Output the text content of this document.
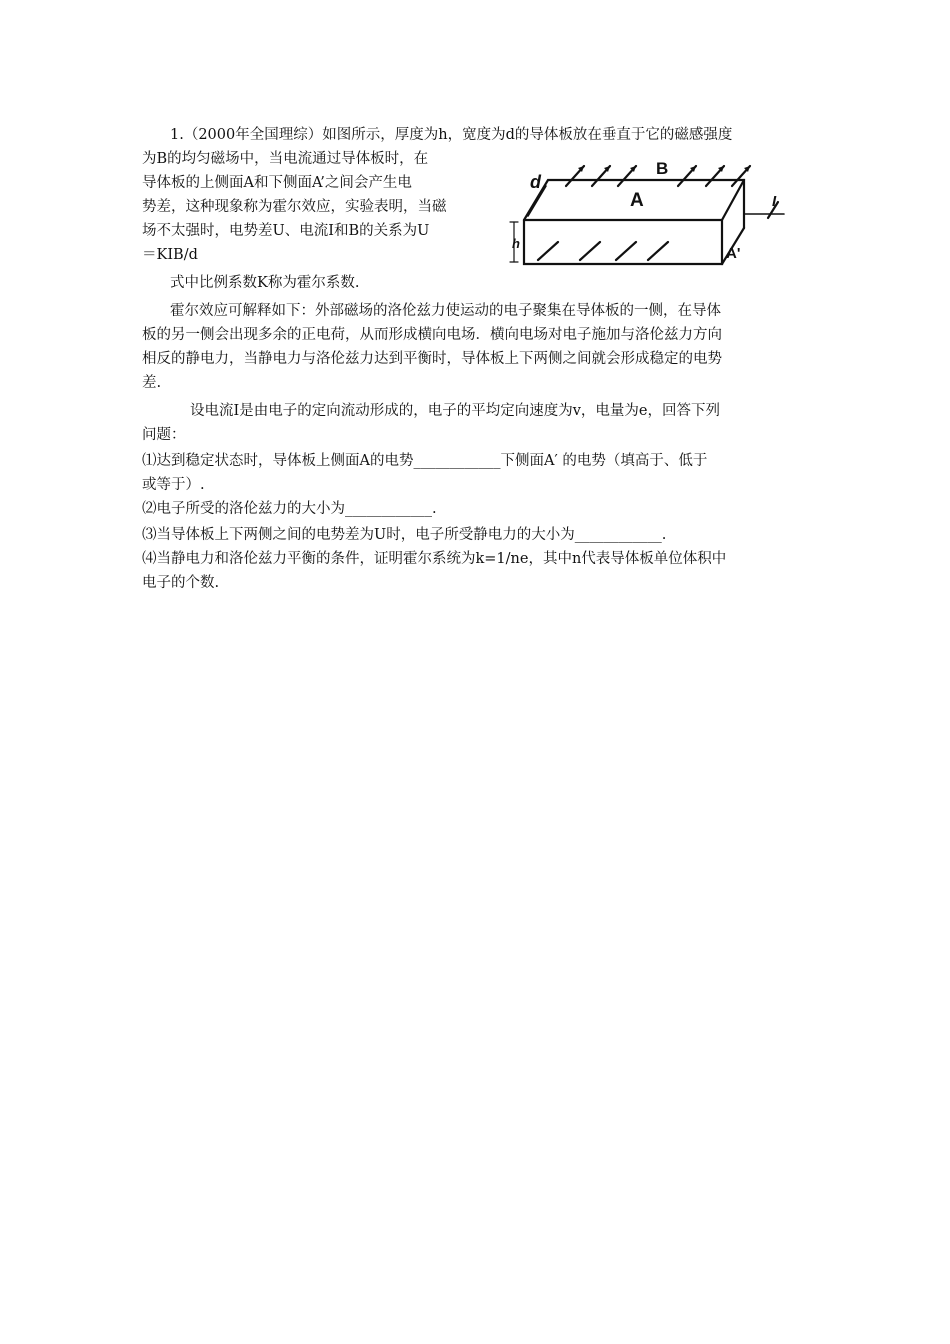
1.（2000年全国理综）如图所示，厚度为h，宽度为d的导体板放在垂直于它的磁感强度
为B的均匀磁场中，当电流通过导体板时，在
导体板的上侧面A和下侧面A’之间会产生电
势差，这种现象称为霍尔效应，实验表明，当磁
场不太强时，电势差U、电流I和B的关系为U
＝KIB/d
式中比例系数K称为霍尔系数.
霍尔效应可解释如下：外部磁场的洛伦兹力使运动的电子聚集在导体板的一侧，在导体
板的另一侧会出现多余的正电荷，从而形成横向电场．横向电场对电子施加与洛伦兹力方向
相反的静电力，当静电力与洛伦兹力达到平衡时，导体板上下两侧之间就会形成稳定的电势
差.
设电流I是由电子的定向流动形成的，电子的平均定向速度为v，电量为e，回答下列
问题：
⑴达到稳定状态时，导体板上侧面A的电势____________下侧面A′ 的电势（填高于、低于
或等于）.
⑵电子所受的洛伦兹力的大小为____________.
⑶当导体板上下两侧之间的电势差为U时，电子所受静电力的大小为____________.
⑷当静电力和洛伦兹力平衡的条件，证明霍尔系统为k=1/ne，其中n代表导体板单位体积中
电子的个数.
B
d
A
A'
h
I
